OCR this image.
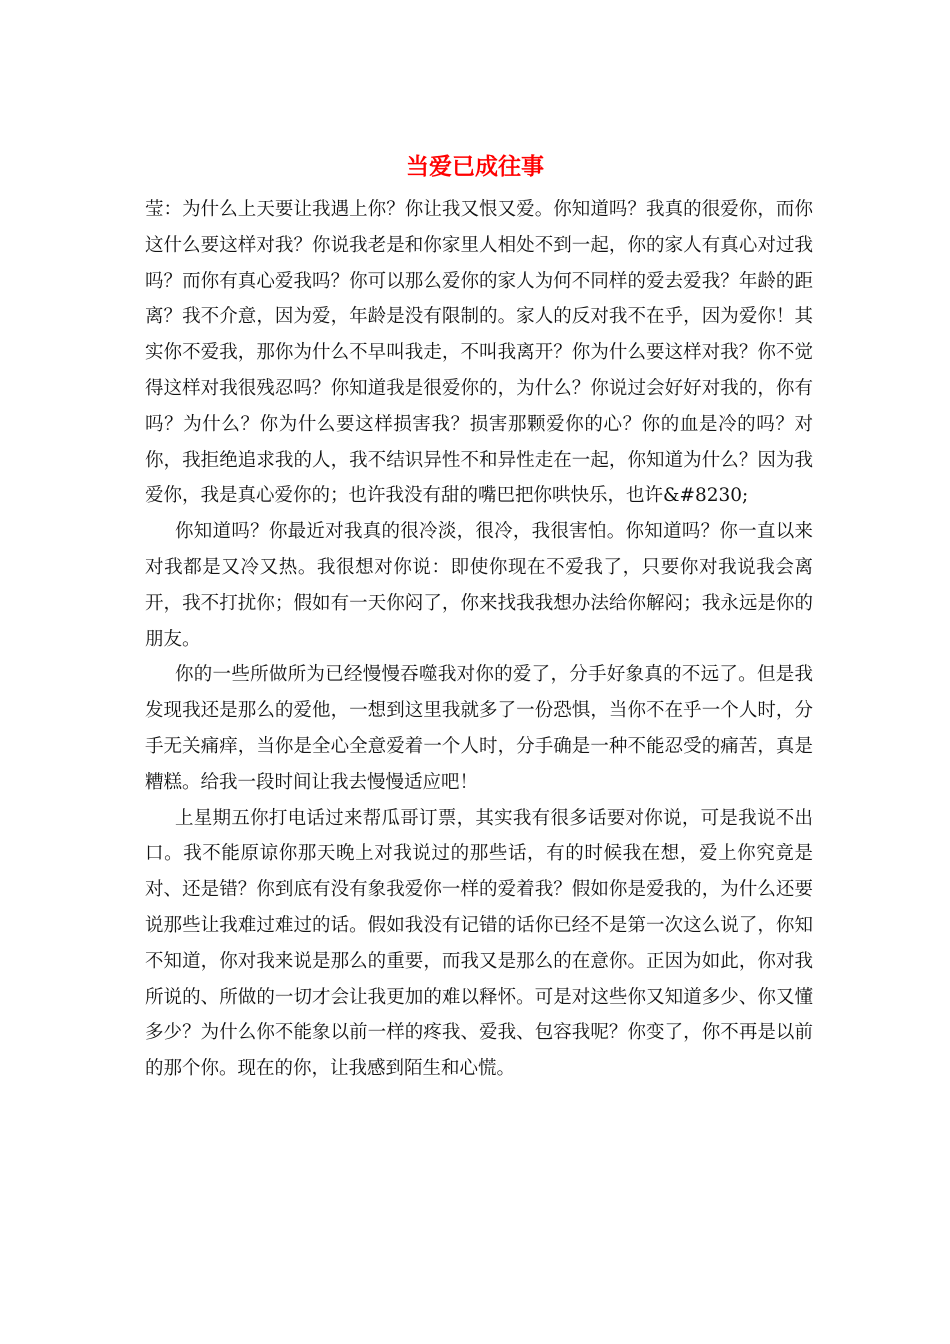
当爱已成往事

莹：为什么上天要让我遇上你？你让我又恨又爱。你知道吗？我真的很爱你，而你这什么要这样对我？你说我老是和你家里人相处不到一起，你的家人有真心对过我吗？而你有真心爱我吗？你可以那么爱你的家人为何不同样的爱去爱我？年龄的距离？我不介意，因为爱，年龄是没有限制的。家人的反对我不在乎，因为爱你！其实你不爱我，那你为什么不早叫我走，不叫我离开？你为什么要这样对我？你不觉得这样对我很残忍吗？你知道我是很爱你的，为什么？你说过会好好对我的，你有吗？为什么？你为什么要这样损害我？损害那颗爱你的心？你的血是冷的吗？对你，我拒绝追求我的人，我不结识异性不和异性走在一起，你知道为什么？因为我爱你，我是真心爱你的；也许我没有甜的嘴巴把你哄快乐，也许&#8230;

你知道吗？你最近对我真的很冷淡，很冷，我很害怕。你知道吗？你一直以来对我都是又冷又热。我很想对你说：即使你现在不爱我了，只要你对我说我会离开，我不打扰你；假如有一天你闷了，你来找我我想办法给你解闷；我永远是你的朋友。

你的一些所做所为已经慢慢吞噬我对你的爱了，分手好象真的不远了。但是我发现我还是那么的爱他，一想到这里我就多了一份恐惧，当你不在乎一个人时，分手无关痛痒，当你是全心全意爱着一个人时，分手确是一种不能忍受的痛苦，真是糟糕。给我一段时间让我去慢慢适应吧！

上星期五你打电话过来帮瓜哥订票，其实我有很多话要对你说，可是我说不出口。我不能原谅你那天晚上对我说过的那些话，有的时候我在想，爱上你究竟是对、还是错？你到底有没有象我爱你一样的爱着我？假如你是爱我的，为什么还要说那些让我难过难过的话。假如我没有记错的话你已经不是第一次这么说了，你知不知道，你对我来说是那么的重要，而我又是那么的在意你。正因为如此，你对我所说的、所做的一切才会让我更加的难以释怀。可是对这些你又知道多少、你又懂多少？为什么你不能象以前一样的疼我、爱我、包容我呢？你变了，你不再是以前的那个你。现在的你，让我感到陌生和心慌。
